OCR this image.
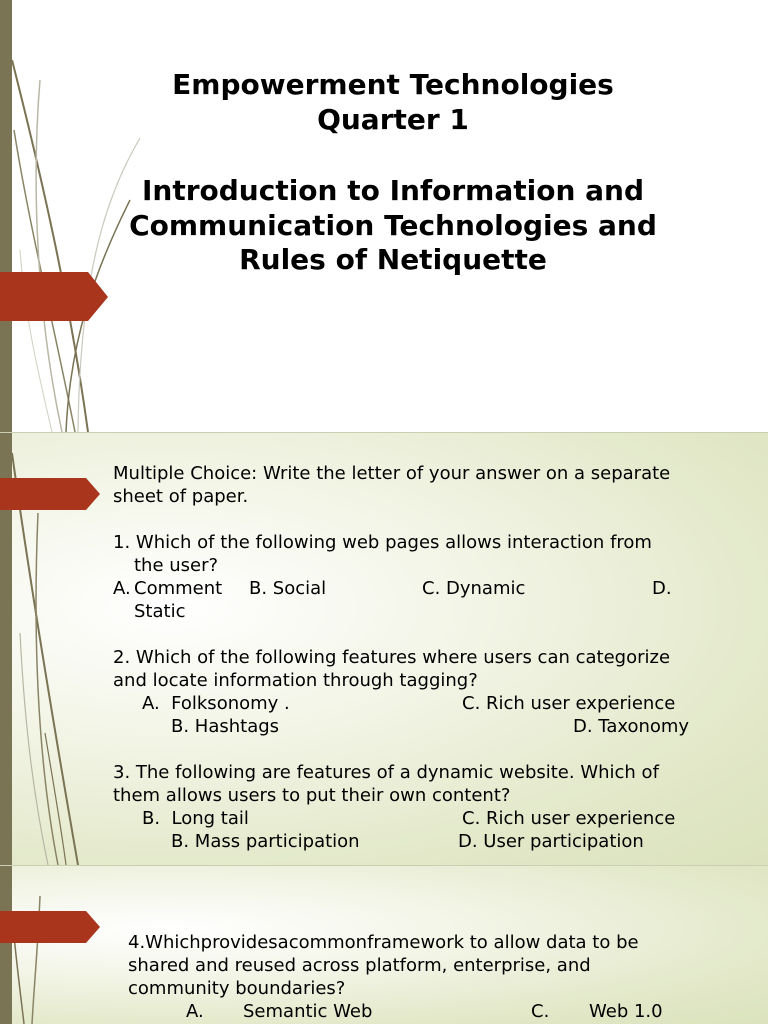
Empowerment Technologies
Quarter 1
Introduction to Information and
Communication Technologies and
Rules of Netiquette
Multiple Choice: Write the letter of your answer on a separate
sheet of paper.
1. Which of the following web pages allows interaction from
the user?
A. Comment B. Social	C. Dynamic	D.
Static
2. Which of the following features where users can categorize
and locate information through tagging?
A.  Folksonomy .	C. Rich user experience
B. Hashtags	D. Taxonomy
3. The following are features of a dynamic website. Which of
them allows users to put their own content?
B.  Long tail	C. Rich user experience
B. Mass participation	D. User participation
4.Whichprovidesacommonframework to allow data to be
shared and reused across platform, enterprise, and
community boundaries?
A. Semantic Web	C. Web 1.0
